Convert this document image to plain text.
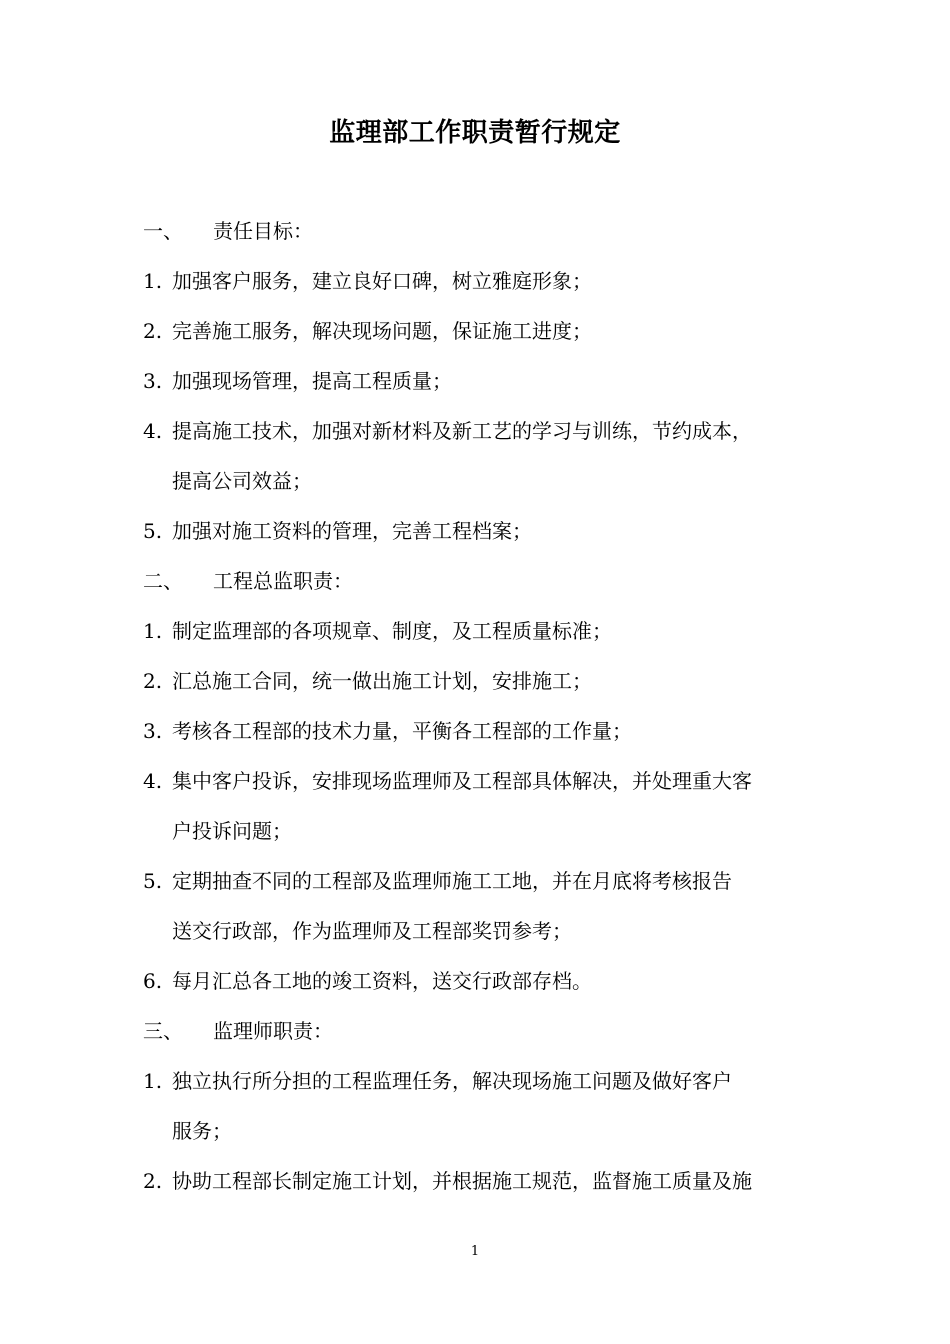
监理部工作职责暂行规定
一、 责任目标：
1. 加强客户服务，建立良好口碑，树立雅庭形象；
2. 完善施工服务，解决现场问题，保证施工进度；
3. 加强现场管理，提高工程质量；
4. 提高施工技术，加强对新材料及新工艺的学习与训练，节约成本，
提高公司效益；
5. 加强对施工资料的管理，完善工程档案；
二、 工程总监职责：
1. 制定监理部的各项规章、制度，及工程质量标准；
2. 汇总施工合同，统一做出施工计划，安排施工；
3. 考核各工程部的技术力量，平衡各工程部的工作量；
4. 集中客户投诉，安排现场监理师及工程部具体解决，并处理重大客
户投诉问题；
5. 定期抽查不同的工程部及监理师施工工地，并在月底将考核报告
送交行政部，作为监理师及工程部奖罚参考；
6. 每月汇总各工地的竣工资料，送交行政部存档。
三、 监理师职责：
1. 独立执行所分担的工程监理任务，解决现场施工问题及做好客户
服务；
2. 协助工程部长制定施工计划，并根据施工规范，监督施工质量及施
1
